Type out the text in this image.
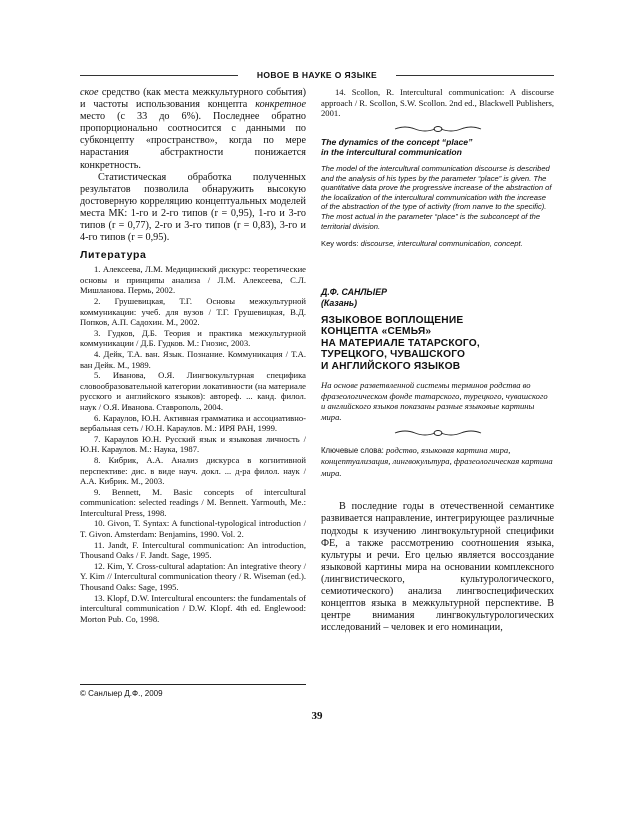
НОВОЕ В НАУКЕ О ЯЗЫКЕ

ское средство (как места межкультурного события) и частоты использования концепта конкретное место (с 33 до 6%). Последнее обратно пропорционально соотносится с данными по субконцепту «пространство», когда по мере нарастания абстрактности понижается конкретность.

Статистическая обработка полученных результатов позволила обнаружить высокую достоверную корреляцию концептуальных моделей места МК: 1-го и 2-го типов (r = 0,95), 1-го и 3-го типов (r = 0,77), 2-го и 3-го типов (r = 0,83), 3-го и 4-го типов (r = 0,95).

Литература

1. Алексеева, Л.М. Медицинский дискурс: теоретические основы и принципы анализа / Л.М. Алексеева, С.Л. Мишланова. Пермь, 2002.

2. Грушевицкая, Т.Г. Основы межкультурной коммуникации: учеб. для вузов / Т.Г. Грушевицкая, В.Д. Попков, А.П. Садохин. М., 2002.

3. Гудков, Д.Б. Теория и практика межкультурной коммуникации / Д.Б. Гудков. М.: Гнозис, 2003.

4. Дейк, Т.А. ван. Язык. Познание. Коммуникация / Т.А. ван Дейк. М., 1989.

5. Иванова, О.Я. Лингвокультурная специфика словообразовательной категории локативности (на материале русского и английского языков): автореф. ... канд. филол. наук / О.Я. Иванова. Ставрополь, 2004.

6. Караулов, Ю.Н. Активная грамматика и ассоциативно-вербальная сеть / Ю.Н. Караулов. М.: ИРЯ РАН, 1999.

7. Караулов Ю.Н. Русский язык и языковая личность / Ю.Н. Караулов. М.: Наука, 1987.

8. Кибрик, А.А. Анализ дискурса в когнитивной перспективе: дис. в виде науч. докл. ... д-ра филол. наук / А.А. Кибрик. М., 2003.

9. Bennett, M. Basic concepts of intercultural communication: selected readings / M. Bennett. Yarmouth, Me.: Intercultural Press, 1998.

10. Givon, T. Syntax: A functional-typological introduction / T. Givon. Amsterdam: Benjamins, 1990. Vol. 2.

11. Jandt, F. Intercultural communication: An introduction, Thousand Oaks / F. Jandt. Sage, 1995.

12. Kim, Y. Cross-cultural adaptation: An integrative theory / Y. Kim // Intercultural communication theory / R. Wiseman (ed.). Thousand Oaks: Sage, 1995.

13. Klopf, D.W. Intercultural encounters: the fundamentals of intercultural communication / D.W. Klopf. 4th ed. Englewood: Morton Pub. Co, 1998.

14. Scollon, R. Intercultural communication: A discourse approach / R. Scollon, S.W. Scollon. 2nd ed., Blackwell Publishers, 2001.

The dynamics of the concept “place”
in the intercultural communication

The model of the intercultural communication discourse is described and the analysis of his types by the parameter “place” is given. The quantitative data prove the progressive increase of the abstraction of the localization of the intercultural communication with the increase of the abstraction of the type of activity (from nanve to the specific). The most actual in the parameter “place” is the subconcept of the territorial division.

Key words: discourse, intercultural communication, concept.

Д.Ф. САНЛЫЕР
(Казань)
ЯЗЫКОВОЕ ВОПЛОЩЕНИЕ
КОНЦЕПТА «СЕМЬЯ»
НА МАТЕРИАЛЕ ТАТАРСКОГО,
ТУРЕЦКОГО, ЧУВАШСКОГО
И АНГЛИЙСКОГО ЯЗЫКОВ

На основе разветвленной системы терминов родства во фразеологическом фонде татарского, турецкого, чувашского и английского языков показаны разные языковые картины мира.

Ключевые слова: родство, языковая картина мира, концептуализация, лингвокультура, фразеологическая картина мира.

В последние годы в отечественной семантике развивается направление, интегрирующее различные подходы к изучению лингвокультурной специфики ФЕ, а также рассмотрению соотношения языка, культуры и речи. Его целью является воссоздание языковой картины мира на основании комплексного (лингвистического, культурологического, семиотического) анализа лингвоспецифических концептов языка в межкультурной перспективе. В центре внимания лингвокультурологических исследований – человек и его номинации,

© Санлыер Д.Ф., 2009
39
